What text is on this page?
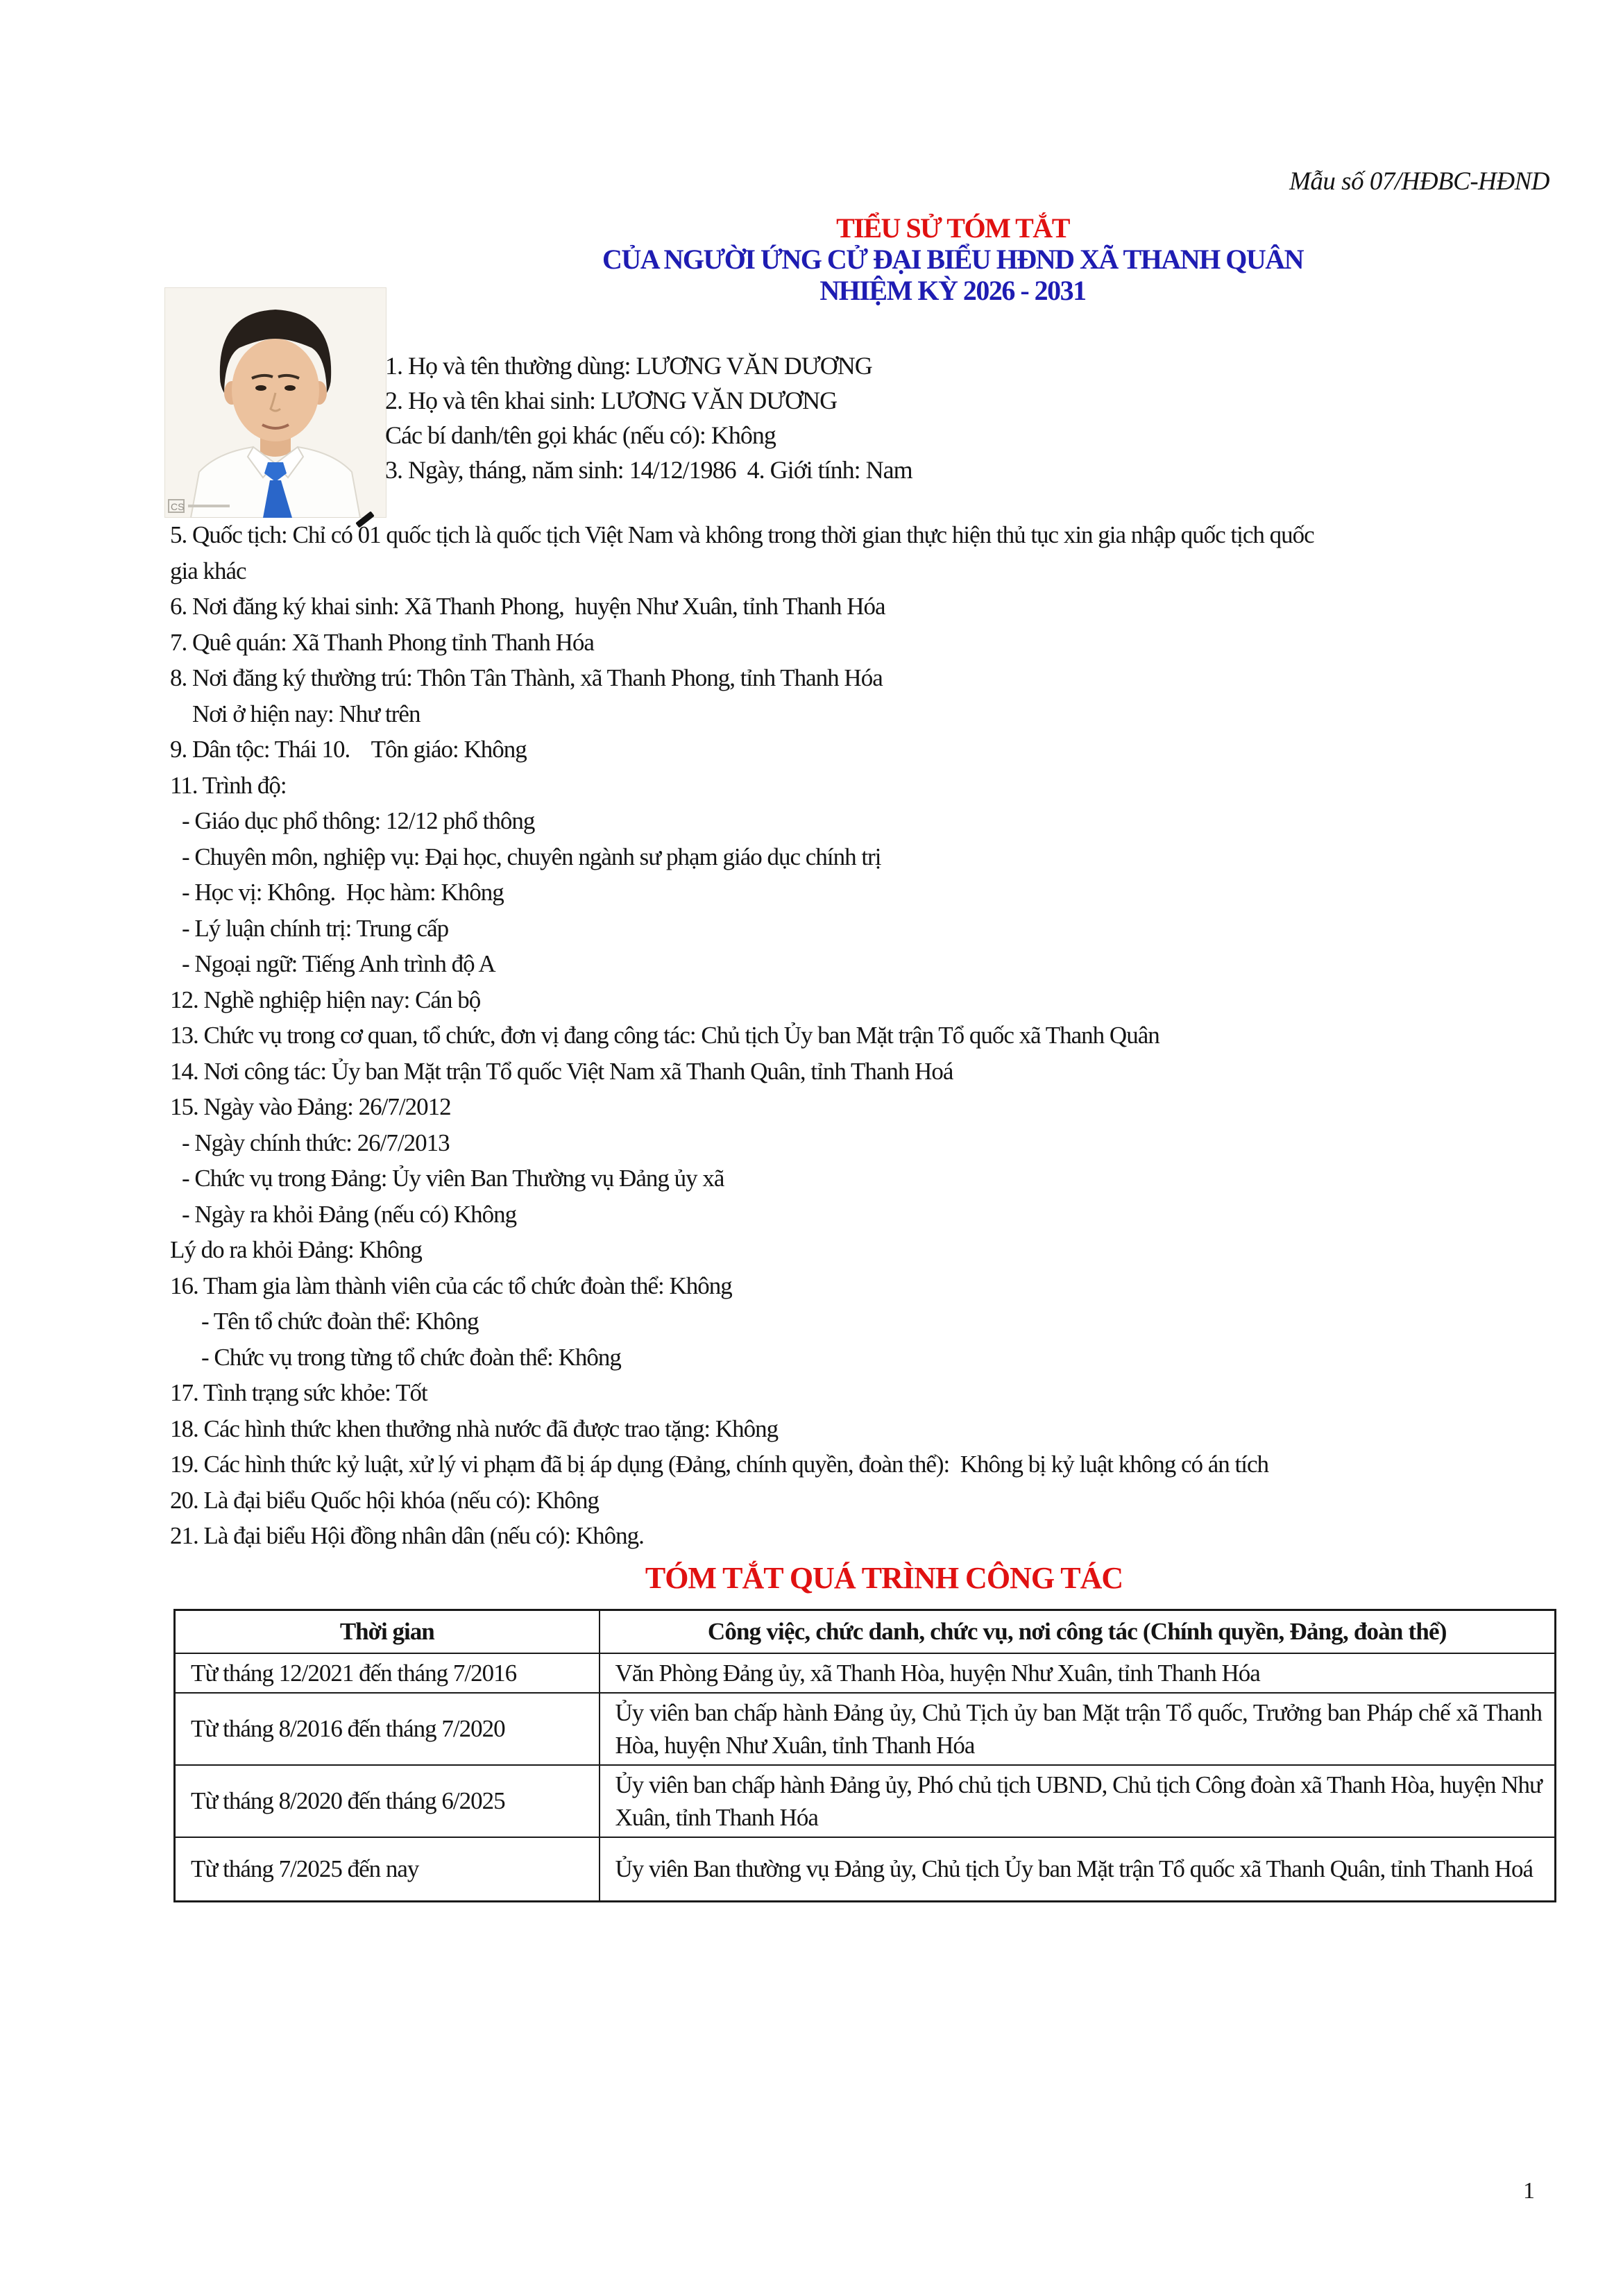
Mẫu số 07/HĐBC-HĐND
TIỂU SỬ TÓM TẮT
CỦA NGƯỜI ỨNG CỬ ĐẠI BIỂU HĐND XÃ THANH QUÂN
NHIỆM KỲ 2026 - 2031
CS
1. Họ và tên thường dùng: LƯƠNG VĂN DƯƠNG
2. Họ và tên khai sinh: LƯƠNG VĂN DƯƠNG
Các bí danh/tên gọi khác (nếu có): Không
3. Ngày, tháng, năm sinh: 14/12/1986  4. Giới tính: Nam
5. Quốc tịch: Chỉ có 01 quốc tịch là quốc tịch Việt Nam và không trong thời gian thực hiện thủ tục xin gia nhập quốc tịch quốc
gia khác
6. Nơi đăng ký khai sinh: Xã Thanh Phong,  huyện Như Xuân, tỉnh Thanh Hóa
7. Quê quán: Xã Thanh Phong tỉnh Thanh Hóa
8. Nơi đăng ký thường trú: Thôn Tân Thành, xã Thanh Phong, tỉnh Thanh Hóa
Nơi ở hiện nay: Như trên
9. Dân tộc: Thái 10.    Tôn giáo: Không
11. Trình độ:
- Giáo dục phổ thông: 12/12 phổ thông
- Chuyên môn, nghiệp vụ: Đại học, chuyên ngành sư phạm giáo dục chính trị
- Học vị: Không.  Học hàm: Không
- Lý luận chính trị: Trung cấp
- Ngoại ngữ: Tiếng Anh trình độ A
12. Nghề nghiệp hiện nay: Cán bộ
13. Chức vụ trong cơ quan, tổ chức, đơn vị đang công tác: Chủ tịch Ủy ban Mặt trận Tổ quốc xã Thanh Quân
14. Nơi công tác: Ủy ban Mặt trận Tổ quốc Việt Nam xã Thanh Quân, tỉnh Thanh Hoá
15. Ngày vào Đảng: 26/7/2012
- Ngày chính thức: 26/7/2013
- Chức vụ trong Đảng: Ủy viên Ban Thường vụ Đảng ủy xã
- Ngày ra khỏi Đảng (nếu có) Không
Lý do ra khỏi Đảng: Không
16. Tham gia làm thành viên của các tổ chức đoàn thể: Không
- Tên tổ chức đoàn thể: Không
- Chức vụ trong từng tổ chức đoàn thể: Không
17. Tình trạng sức khỏe: Tốt
18. Các hình thức khen thưởng nhà nước đã được trao tặng: Không
19. Các hình thức kỷ luật, xử lý vi phạm đã bị áp dụng (Đảng, chính quyền, đoàn thể):  Không bị kỷ luật không có án tích
20. Là đại biểu Quốc hội khóa (nếu có): Không
21. Là đại biểu Hội đồng nhân dân (nếu có): Không.
TÓM TẮT QUÁ TRÌNH CÔNG TÁC
Thời gian	Công việc, chức danh, chức vụ, nơi công tác (Chính quyền, Đảng, đoàn thể)
Từ tháng 12/2021 đến tháng 7/2016	Văn Phòng Đảng ủy, xã Thanh Hòa, huyện Như Xuân, tỉnh Thanh Hóa
Từ tháng 8/2016 đến tháng 7/2020	Ủy viên ban chấp hành Đảng ủy, Chủ Tịch ủy ban Mặt trận Tổ quốc, Trưởng ban Pháp chế xã Thanh Hòa, huyện Như Xuân, tỉnh Thanh Hóa
Từ tháng 8/2020 đến tháng 6/2025	Ủy viên ban chấp hành Đảng ủy, Phó chủ tịch UBND, Chủ tịch Công đoàn xã Thanh Hòa, huyện Như Xuân, tỉnh Thanh Hóa
Từ tháng 7/2025 đến nay	Ủy viên Ban thường vụ Đảng ủy, Chủ tịch Ủy ban Mặt trận Tổ quốc xã Thanh Quân, tỉnh Thanh Hoá
1
